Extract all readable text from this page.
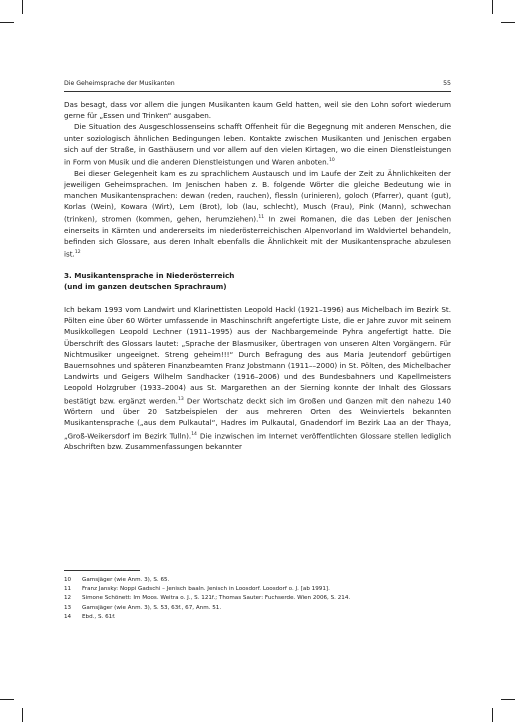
Die Geheimsprache der Musikanten	55

Das besagt, dass vor allem die jungen Musikanten kaum Geld hatten, weil sie den Lohn sofort wiederum gerne für „Essen und Trinken“ ausgaben.

Die Situation des Ausgeschlossenseins schafft Offenheit für die Begegnung mit anderen Menschen, die unter soziologisch ähnlichen Bedingungen leben. Kontakte zwischen Musikanten und Jenischen ergaben sich auf der Straße, in Gasthäusern und vor allem auf den vielen Kirtagen, wo die einen Dienstleistungen in Form von Musik und die anderen Dienstleistungen und Waren anboten.$^{10}$

Bei dieser Gelegenheit kam es zu sprachlichem Austausch und im Laufe der Zeit zu Ähnlichkeiten der jeweiligen Geheimsprachen. Im Jenischen haben z. B. folgende Wörter die gleiche Bedeutung wie in manchen Musikantensprachen: dewan (reden, rauchen), flessln (urinieren), goloch (Pfarrer), quant (gut), Korlas (Wein), Kowara (Wirt), Lem (Brot), lob (lau, schlecht), Musch (Frau), Pink (Mann), schwechan (trinken), stromen (kommen, gehen, herumziehen).$^{11}$ In zwei Romanen, die das Leben der Jenischen einerseits in Kärnten und andererseits im niederösterreichischen Alpenvorland im Waldviertel behandeln, befinden sich Glossare, aus deren Inhalt ebenfalls die Ähnlichkeit mit der Musikantensprache abzulesen ist.$^{12}$

3. Musikantensprache in Niederösterreich
(und im ganzen deutschen Sprachraum)

Ich bekam 1993 vom Landwirt und Klarinettisten Leopold Hackl (1921–1996) aus Michelbach im Bezirk St. Pölten eine über 60 Wörter umfassende in Maschinschrift angefertigte Liste, die er Jahre zuvor mit seinem Musikkollegen Leopold Lechner (1911–1995) aus der Nachbargemeinde Pyhra angefertigt hatte. Die Überschrift des Glossars lautet: „Sprache der Blasmusiker, übertragen von unseren Alten Vorgängern. Für Nichtmusiker ungeeignet. Streng geheim!!!“ Durch Befragung des aus Maria Jeutendorf gebürtigen Bauernsohnes und späteren Finanzbeamten Franz Jobstmann (1911––2000) in St. Pölten, des Michelbacher Landwirts und Geigers Wilhelm Sandhacker (1916–2006) und des Bundesbahners und Kapellmeisters Leopold Holzgruber (1933–2004) aus St. Margarethen an der Sierning konnte der Inhalt des Glossars bestätigt bzw. ergänzt werden.$^{13}$ Der Wortschatz deckt sich im Großen und Ganzen mit den nahezu 140 Wörtern und über 20 Satzbeispielen der aus mehreren Orten des Weinviertels bekannten Musikantensprache („aus dem Pulkautal“, Hadres im Pulkautal, Gnadendorf im Bezirk Laa an der Thaya, „Groß-Weikersdorf im Bezirk Tulln).$^{14}$ Die inzwischen im Internet veröffentlichten Glossare stellen lediglich Abschriften bzw. Zusammenfassungen bekannter

10 Gamsjäger (wie Anm. 3), S. 65.
11 Franz Jansky: Noppi Gadschi – Jenisch baaln. Jenisch in Loosdorf. Loosdorf o. J. [ab 1991].
12 Simone Schönett: Im Moos. Weitra o. J., S. 121f.; Thomas Sauter: Fuchserde. Wien 2006, S. 214.
13 Gamsjäger (wie Anm. 3), S. 53, 63f., 67, Anm. 51.
14 Ebd., S. 61f.
